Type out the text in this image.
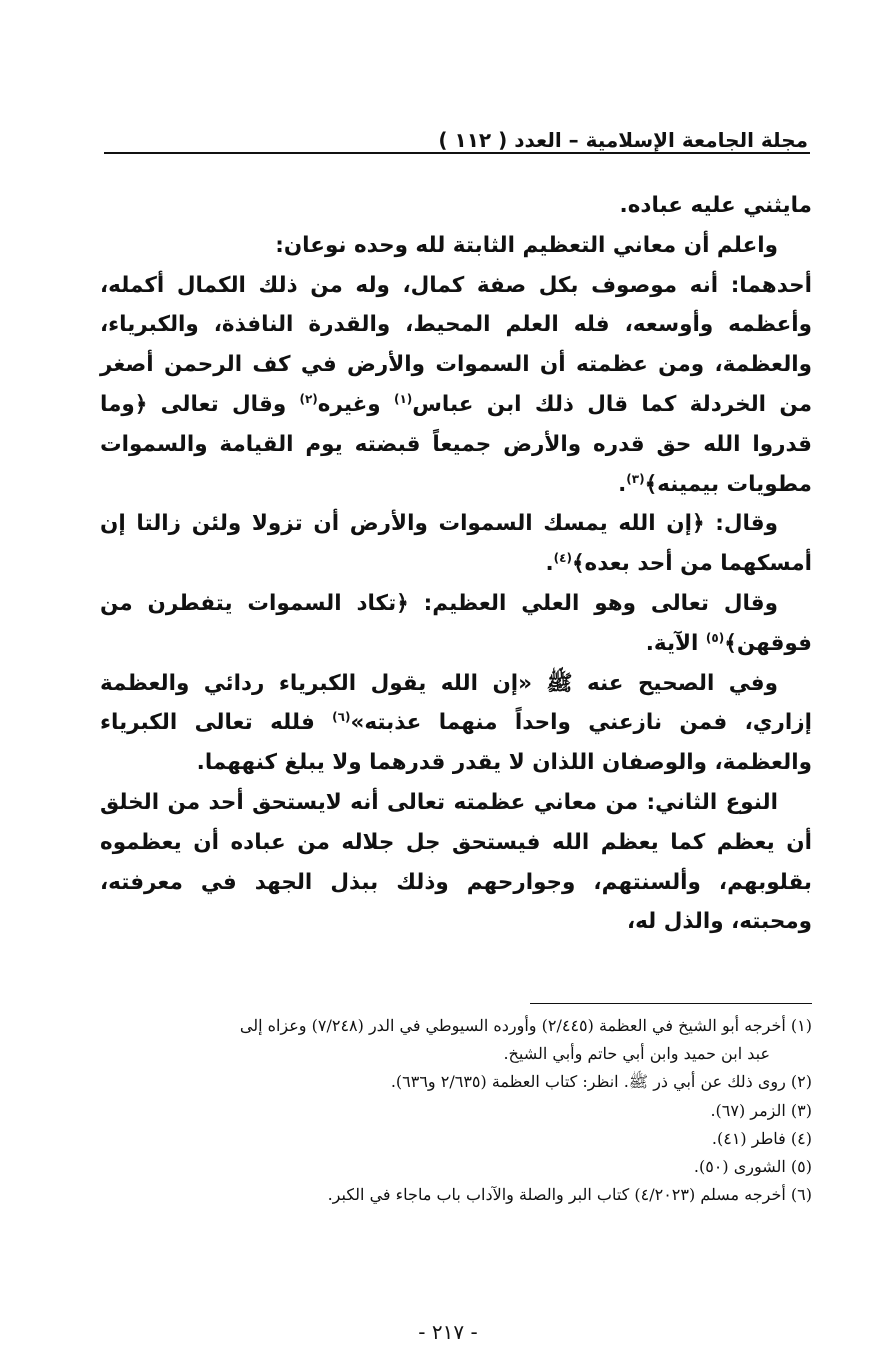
مجلة الجامعة الإسلامية – العدد ( ١١٢ )

مايثني عليه عباده.

واعلم أن معاني التعظيم الثابتة لله وحده نوعان:

أحدهما: أنه موصوف بكل صفة كمال، وله من ذلك الكمال أكمله، وأعظمه وأوسعه، فله العلم المحيط، والقدرة النافذة، والكبرياء، والعظمة، ومن عظمته أن السموات والأرض في كف الرحمن أصغر من الخردلة كما قال ذلك ابن عباس$^{(١)}$ وغيره$^{(٢)}$ وقال تعالى ﴿وما قدروا الله حق قدره والأرض جميعاً قبضته يوم القيامة والسموات مطويات بيمينه﴾$^{(٣)}$.

وقال: ﴿إن الله يمسك السموات والأرض أن تزولا ولئن زالتا إن أمسكهما من أحد بعده﴾$^{(٤)}$.

وقال تعالى وهو العلي العظيم: ﴿تكاد السموات يتفطرن من فوقهن﴾$^{(٥)}$ الآية.

وفي الصحيح عنه ﷺ «إن الله يقول الكبرياء ردائي والعظمة إزاري، فمن نازعني واحداً منهما عذبته»$^{(٦)}$ فلله تعالى الكبرياء والعظمة، والوصفان اللذان لا يقدر قدرهما ولا يبلغ كنههما.

النوع الثاني: من معاني عظمته تعالى أنه لايستحق أحد من الخلق أن يعظم كما يعظم الله فيستحق جل جلاله من عباده أن يعظموه بقلوبهم، وألسنتهم، وجوارحهم وذلك ببذل الجهد في معرفته، ومحبته، والذل له،

(١) أخرجه أبو الشيخ في العظمة (٢/٤٤٥) وأورده السيوطي في الدر (٧/٢٤٨) وعزاه إلى

عبد ابن حميد وابن أبي حاتم وأبي الشيخ.

(٢) روى ذلك عن أبي ذر ﷺ. انظر: كتاب العظمة (٢/٦٣٥ و٦٣٦).

(٣) الزمر (٦٧).

(٤) فاطر (٤١).

(٥) الشورى (٥٠).

(٦) أخرجه مسلم (٤/٢٠٢٣) كتاب البر والصلة والآداب باب ماجاء في الكبر.

- ٢١٧ -
